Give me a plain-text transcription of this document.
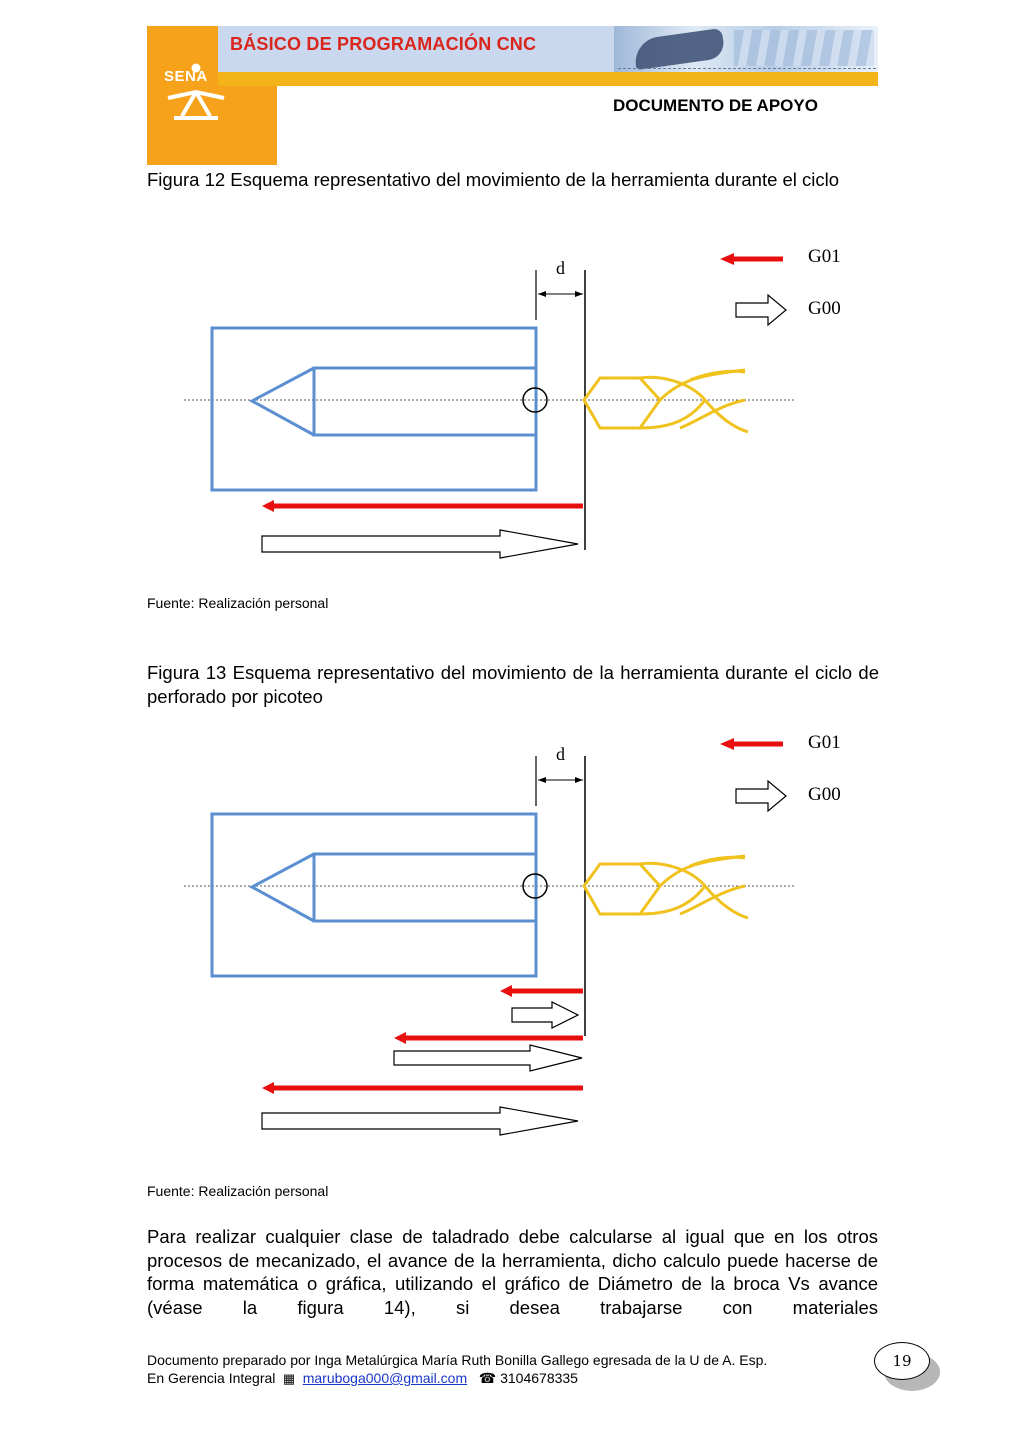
BÁSICO DE PROGRAMACIÓN CNC
DOCUMENTO DE APOYO
SENA
Figura 12 Esquema representativo del movimiento de la herramienta durante el ciclo
d
G01
G00
Fuente: Realización personal
Figura 13 Esquema representativo del movimiento de la herramienta durante el ciclo de perforado por picoteo
d
G01
G00
Fuente: Realización personal
Para realizar cualquier clase de taladrado debe calcularse al igual que en los otros procesos de mecanizado, el avance de la herramienta, dicho calculo puede hacerse de forma matemática o gráfica, utilizando el gráfico de Diámetro de la broca Vs avance (véase la figura 14), si desea trabajarse con materiales
Documento preparado por Inga Metalúrgica María Ruth Bonilla Gallego egresada de la U de A. Esp.
En Gerencia Integral  ▦  maruboga000@gmail.com   ☎ 3104678335
19
